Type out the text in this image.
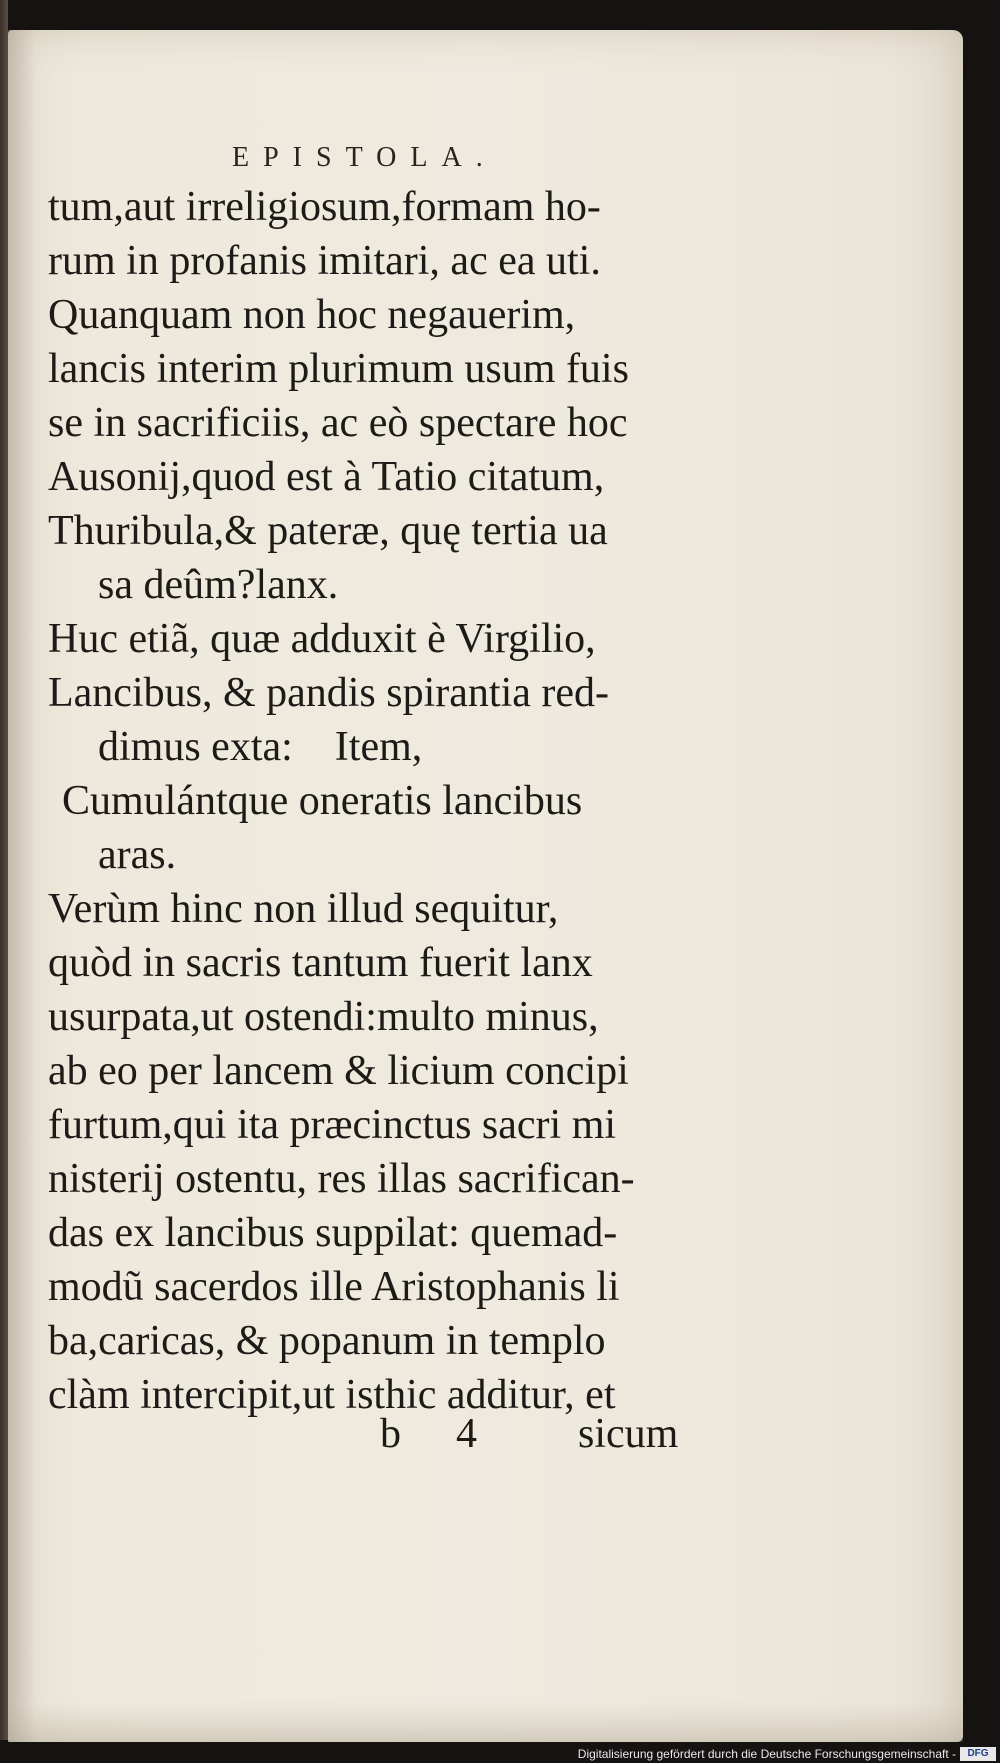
EPISTOLA.
tum,aut irreligiosum,formam ho-
rum in profanis imitari, ac ea uti.
Quanquam non hoc negauerim,
lancis interim plurimum usum fuis
se in sacrificiis, ac eò spectare hoc
Ausonij,quod est à Tatio citatum,
Thuribula,& pateræ, quę tertia ua
sa deûm?lanx.
Huc etiã, quæ adduxit è Virgilio,
Lancibus, & pandis spirantia red-
dimus exta:    Item,
Cumulántque oneratis lancibus
aras.
Verùm hinc non illud sequitur,
quòd in sacris tantum fuerit lanx
usurpata,ut ostendi:multo minus,
ab eo per lancem & licium concipi
furtum,qui ita præcinctus sacri mi
nisterij ostentu, res illas sacrifican-
das ex lancibus suppilat: quemad-
modũ sacerdos ille Aristophanis li
ba,caricas, & popanum in templo
clàm intercipit,ut isthic additur, et
b 4 sicum
Digitalisierung gefördert durch die Deutsche Forschungsgemeinschaft -	DFG
